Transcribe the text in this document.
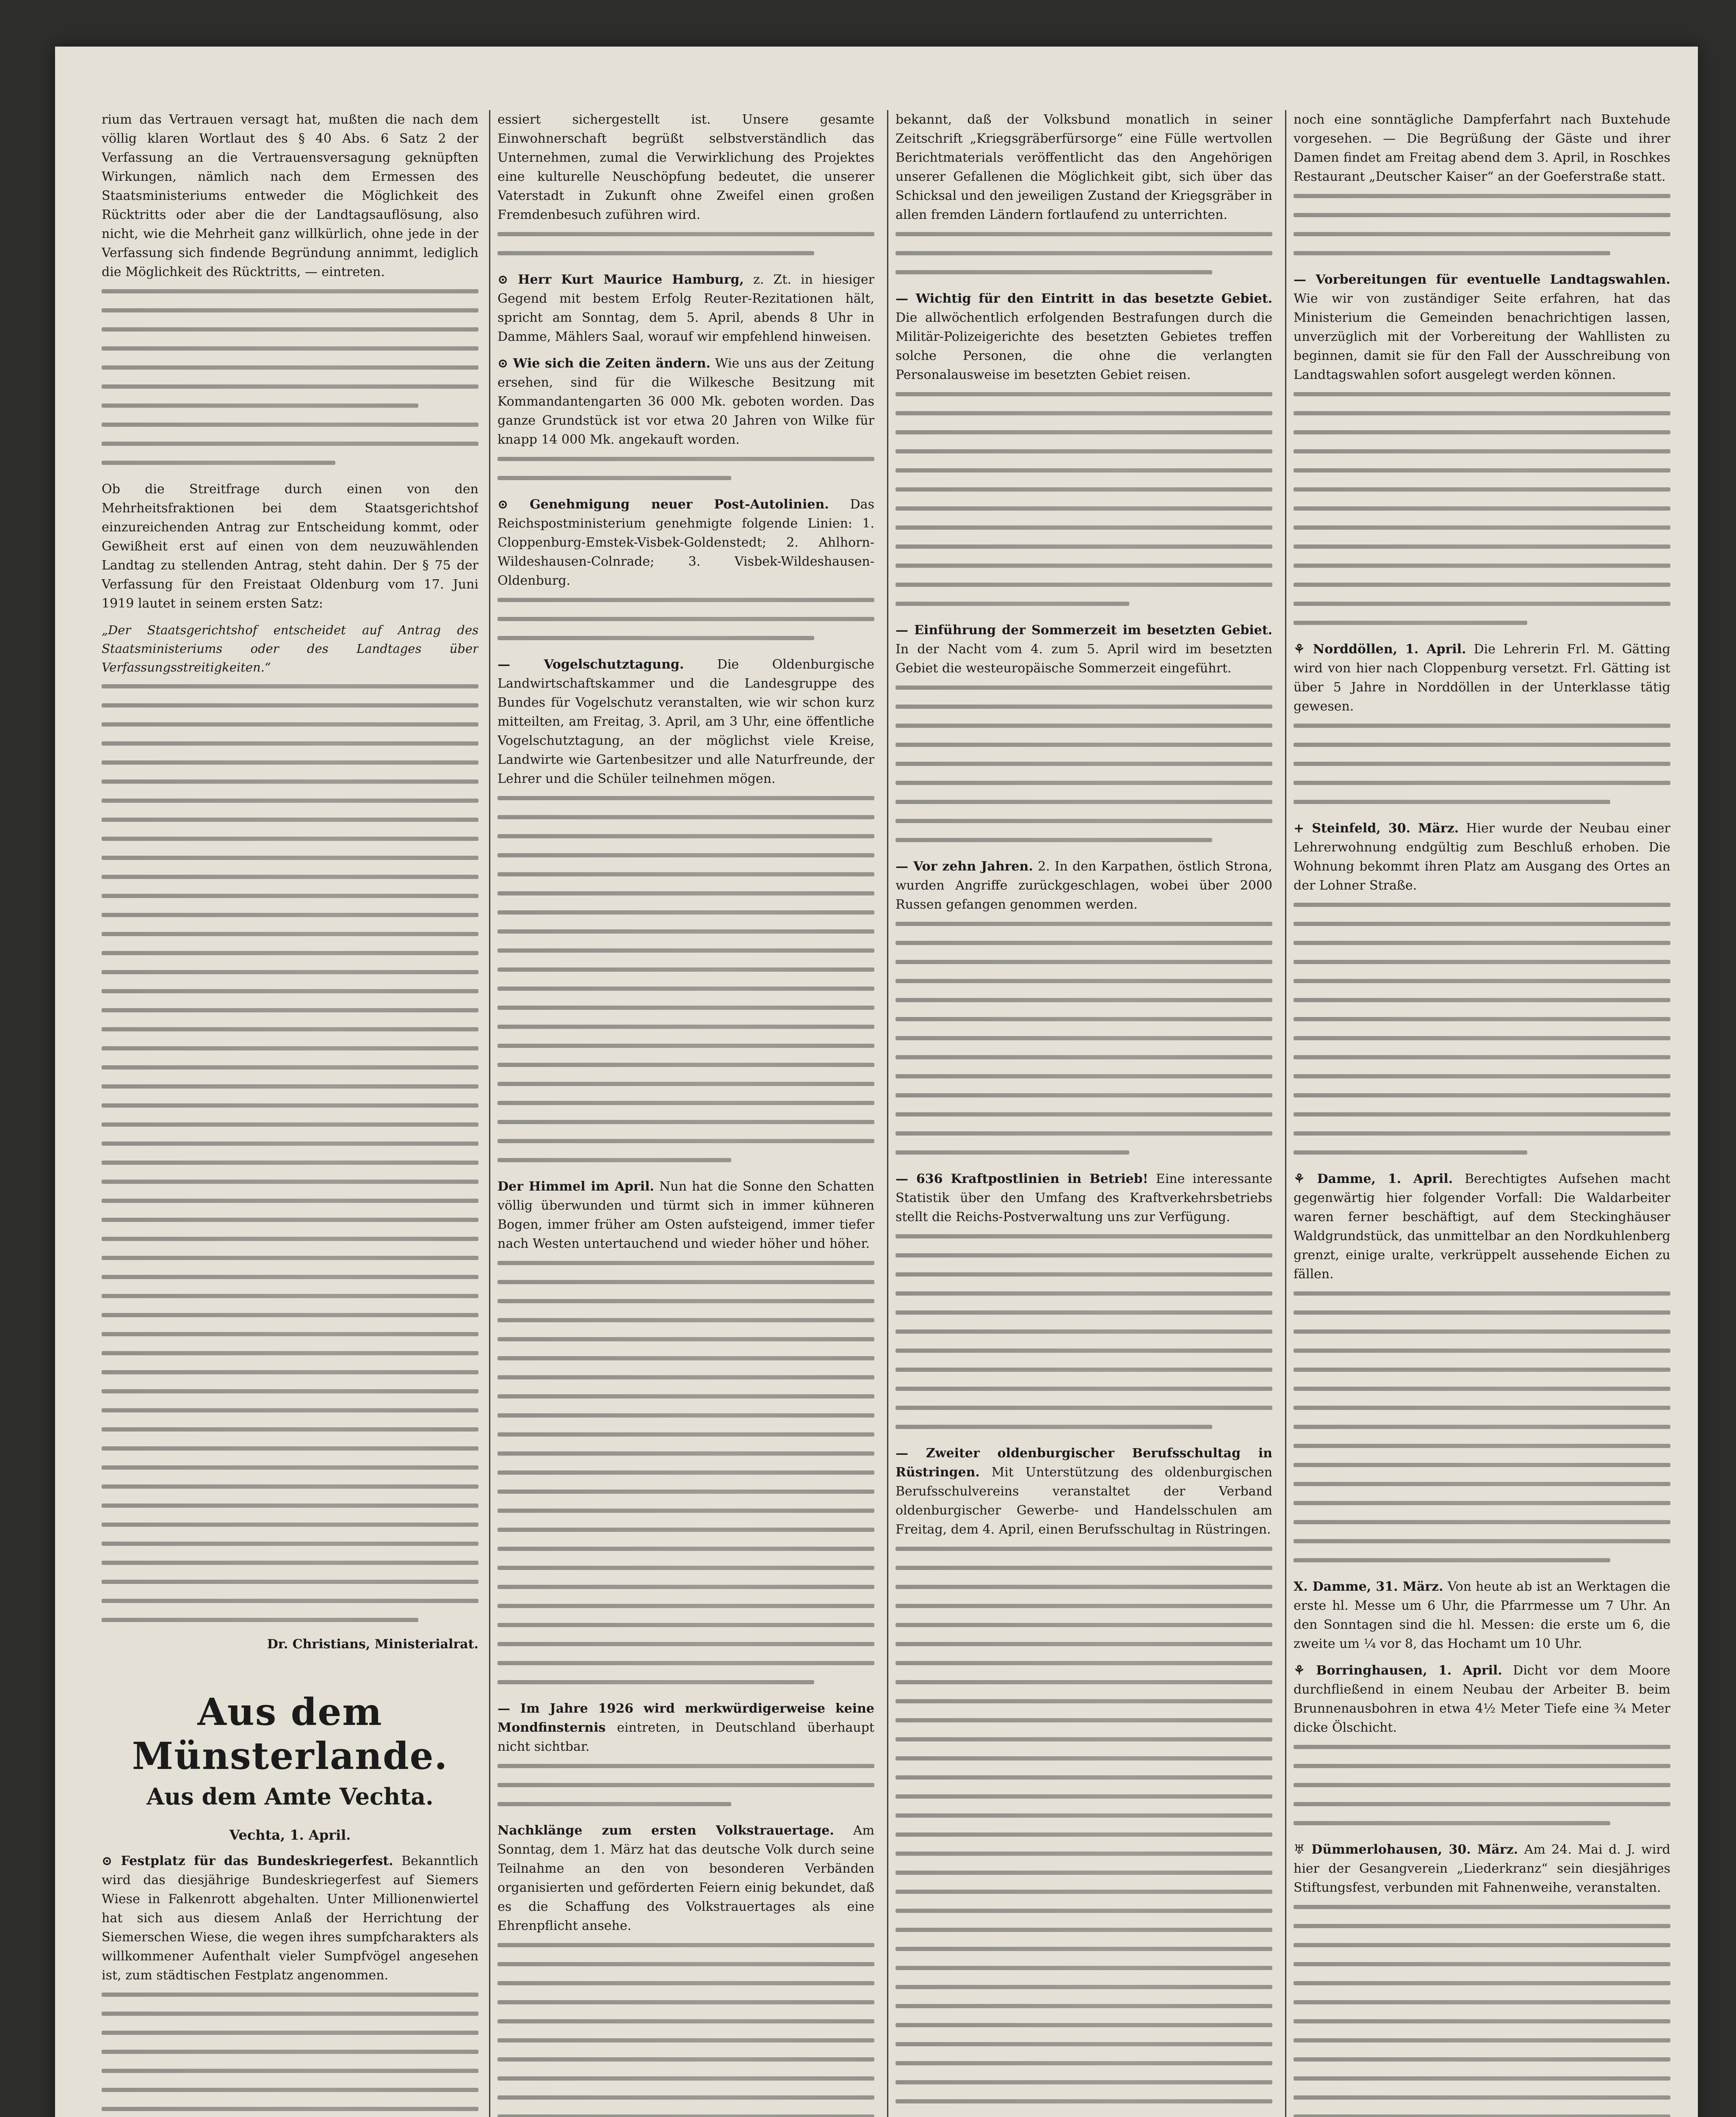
rium das Vertrauen versagt hat, mußten die nach dem völlig klaren Wortlaut des § 40 Abs. 6 Satz 2 der Verfassung an die Vertrauensversagung geknüpften Wirkungen, nämlich nach dem Ermessen des Staatsministeriums entweder die Möglichkeit des Rücktritts oder aber die der Landtagsauflösung, also nicht, wie die Mehrheit ganz willkürlich, ohne jede in der Verfassung sich findende Begründung annimmt, lediglich die Möglichkeit des Rücktritts, — eintreten.

Ob die Streitfrage durch einen von den Mehrheitsfraktionen bei dem Staatsgerichtshof einzureichenden Antrag zur Entscheidung kommt, oder Gewißheit erst auf einen von dem neuzuwählenden Landtag zu stellenden Antrag, steht dahin. Der § 75 der Verfassung für den Freistaat Oldenburg vom 17. Juni 1919 lautet in seinem ersten Satz:

„Der Staatsgerichtshof entscheidet auf Antrag des Staatsministeriums oder des Landtages über Verfassungsstreitigkeiten.“

Dr. Christians, Ministerialrat.
Aus dem Münsterlande.
Aus dem Amte Vechta.
Vechta, 1. April.

⊙ Festplatz für das Bundeskriegerfest. Bekanntlich wird das diesjährige Bundeskriegerfest auf Siemers Wiese in Falkenrott abgehalten. Unter Millionenwiertel hat sich aus diesem Anlaß der Herrichtung der Siemerschen Wiese, die wegen ihres sumpfcharakters als willkommener Aufenthalt vieler Sumpfvögel angesehen ist, zum städtischen Festplatz angenommen.

essiert sichergestellt ist. Unsere gesamte Einwohnerschaft begrüßt selbstverständlich das Unternehmen, zumal die Verwirklichung des Projektes eine kulturelle Neuschöpfung bedeutet, die unserer Vaterstadt in Zukunft ohne Zweifel einen großen Fremdenbesuch zuführen wird.

⊙ Herr Kurt Maurice Hamburg, z. Zt. in hiesiger Gegend mit bestem Erfolg Reuter-Rezitationen hält, spricht am Sonntag, dem 5. April, abends 8 Uhr in Damme, Mählers Saal, worauf wir empfehlend hinweisen.

⊙ Wie sich die Zeiten ändern. Wie uns aus der Zeitung ersehen, sind für die Wilkesche Besitzung mit Kommandantengarten 36 000 Mk. geboten worden. Das ganze Grundstück ist vor etwa 20 Jahren von Wilke für knapp 14 000 Mk. angekauft worden.

⊙ Genehmigung neuer Post-Autolinien. Das Reichspostministerium genehmigte folgende Linien: 1. Cloppenburg-Emstek-Visbek-Goldenstedt; 2. Ahlhorn-Wildeshausen-Colnrade; 3. Visbek-Wildeshausen-Oldenburg.

— Vogelschutztagung.	Die Oldenburgische Landwirtschaftskammer und die Landesgruppe des Bundes für Vogelschutz veranstalten, wie wir schon kurz mitteilten, am Freitag, 3. April, am 3 Uhr, eine öffentliche Vogelschutztagung, an der möglichst viele Kreise, Landwirte wie Gartenbesitzer und alle Naturfreunde, der Lehrer und die Schüler teilnehmen mögen.

Der Himmel im April. Nun hat die Sonne den Schatten völlig überwunden und türmt sich in immer kühneren Bogen, immer früher am Osten aufsteigend, immer tiefer nach Westen untertauchend und wieder höher und höher.

— Im Jahre 1926 wird merkwürdigerweise keine Mondfinsternis eintreten, in Deutschland überhaupt nicht sichtbar.

Nachklänge zum ersten Volkstrauertage. Am Sonntag, dem 1. März hat das deutsche Volk durch seine Teilnahme an den von besonderen Verbänden organisierten und geförderten Feiern einig bekundet, daß es die Schaffung des Volkstrauertages als eine Ehrenpflicht ansehe.

bekannt, daß der Volksbund monatlich in seiner Zeitschrift „Kriegsgräberfürsorge“ eine Fülle wertvollen Berichtmaterials veröffentlicht das den Angehörigen unserer Gefallenen die Möglichkeit gibt, sich über das Schicksal und den jeweiligen Zustand der Kriegsgräber in allen fremden Ländern fortlaufend zu unterrichten.

— Wichtig für den Eintritt in das besetzte Gebiet. Die allwöchentlich erfolgenden Bestrafungen durch die Militär-Polizeigerichte des besetzten Gebietes treffen solche Personen, die ohne die verlangten Personalausweise im besetzten Gebiet reisen.

— Einführung der Sommerzeit im besetzten Gebiet. In der Nacht vom 4. zum 5. April wird im besetzten Gebiet die westeuropäische Sommerzeit eingeführt.

— Vor zehn Jahren. 2. In den Karpathen, östlich Strona, wurden Angriffe zurückgeschlagen, wobei über 2000 Russen gefangen genommen werden.

— 636 Kraftpostlinien in Betrieb! Eine interessante Statistik über den Umfang des Kraftverkehrsbetriebs stellt die Reichs-Postverwaltung uns zur Verfügung.

— Zweiter oldenburgischer Berufsschultag in Rüstringen. Mit Unterstützung des oldenburgischen Berufsschulvereins veranstaltet der Verband oldenburgischer Gewerbe- und Handelsschulen am Freitag, dem 4. April, einen Berufsschultag in Rüstringen.

noch eine sonntägliche Dampferfahrt nach Buxtehude vorgesehen. — Die Begrüßung der Gäste und ihrer Damen findet am Freitag abend dem 3. April, in Roschkes Restaurant „Deutscher Kaiser“ an der Goeferstraße statt.

— Vorbereitungen für eventuelle Landtagswahlen. Wie wir von zuständiger Seite erfahren, hat das Ministerium die Gemeinden benachrichtigen lassen, unverzüglich mit der Vorbereitung der Wahllisten zu beginnen, damit sie für den Fall der Ausschreibung von Landtagswahlen sofort ausgelegt werden können.

⚘ Norddöllen, 1. April. Die Lehrerin Frl. M. Gätting wird von hier nach Cloppenburg versetzt. Frl. Gätting ist über 5 Jahre in Norddöllen in der Unterklasse tätig gewesen.

+ Steinfeld, 30. März. Hier wurde der Neubau einer Lehrerwohnung endgültig zum Beschluß erhoben. Die Wohnung bekommt ihren Platz am Ausgang des Ortes an der Lohner Straße.

⚘ Damme, 1. April. Berechtigtes Aufsehen macht gegenwärtig hier folgender Vorfall: Die Waldarbeiter waren ferner beschäftigt, auf dem Steckinghäuser Waldgrundstück, das unmittelbar an den Nordkuhlenberg grenzt, einige uralte, verkrüppelt aussehende Eichen zu fällen.

X. Damme, 31. März. Von heute ab ist an Werktagen die erste hl. Messe um 6 Uhr, die Pfarrmesse um 7 Uhr. An den Sonntagen sind die hl. Messen: die erste um 6, die zweite um ¼ vor 8, das Hochamt um 10 Uhr.

⚘ Borringhausen, 1. April. Dicht vor dem Moore durchfließend in einem Neubau der Arbeiter B. beim Brunnenausbohren in etwa 4½ Meter Tiefe eine ¾ Meter dicke Ölschicht.

♅ Dümmerlohausen, 30. März. Am 24. Mai d. J. wird hier der Gesangverein „Liederkranz“ sein diesjähriges Stiftungsfest, verbunden mit Fahnenweihe, veranstalten.
